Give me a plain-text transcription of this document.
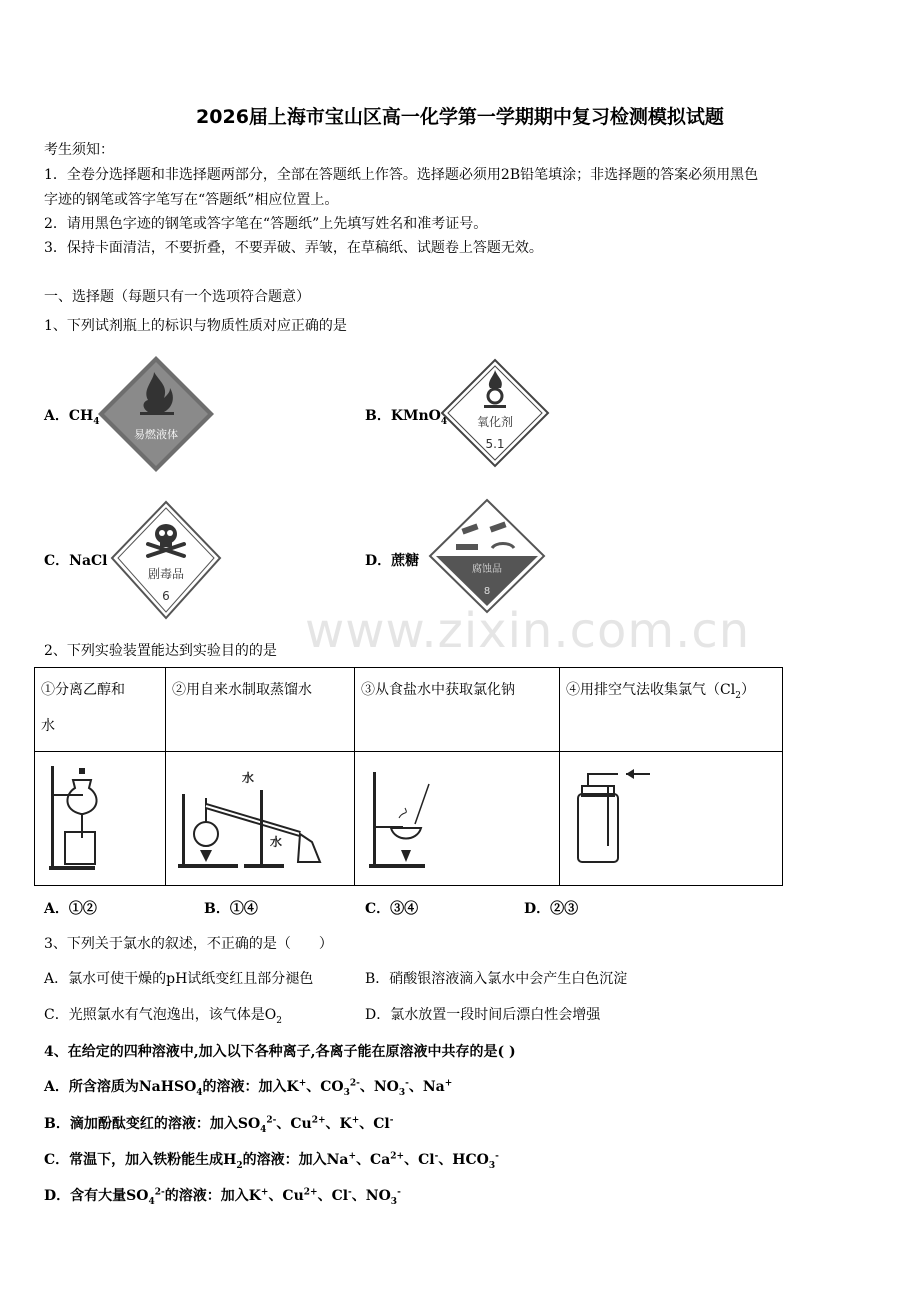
2026届上海市宝山区高一化学第一学期期中复习检测模拟试题
考生须知：
1．全卷分选择题和非选择题两部分，全部在答题纸上作答。选择题必须用2B铅笔填涂；非选择题的答案必须用黑色
字迹的钢笔或答字笔写在“答题纸”相应位置上。
2．请用黑色字迹的钢笔或答字笔在“答题纸”上先填写姓名和准考证号。
3．保持卡面清洁，不要折叠，不要弄破、弄皱，在草稿纸、试题卷上答题无效。
一、选择题（每题只有一个选项符合题意）
1、下列试剂瓶上的标识与物质性质对应正确的是
A．$CH_4$	B．KMnO$_4$
C．NaCl	D．蔗糖
易燃液体
氧化剂
5.1
剧毒品
6
腐蚀品
8
www.zixin.com.cn
2、下列实验装置能达到实验目的的是
①分离乙醇和
水	②用自来水制取蒸馏水	③从食盐水中获取氯化钠	④用排空气法收集氯气$(Cl_2)$

水
水

A．①②	B．①④	C．③④	D．②③
3、下列关于氯水的叙述，不正确的是（　　）
A．氯水可使干燥的pH试纸变红且部分褪色	B．硝酸银溶液滴入氯水中会产生白色沉淀
C．光照氯水有气泡逸出，该气体是$O_2$	D．氯水放置一段时间后漂白性会增强
4、在给定的四种溶液中,加入以下各种离子,各离子能在原溶液中共存的是( )
A．所含溶质为NaHSO$_4$的溶液：加入K+、$CO_3^{2-}$、$NO_3^-$、Na+
B．滴加酚酞变红的溶液：加入$SO_4^{2-}$、$Cu^{2+}$、K+、Cl-
C．常温下，加入铁粉能生成$H_2$的溶液：加入Na+、$Ca^{2+}$、Cl-、$HCO_3^-$
D．含有大量$SO_4^{2-}$的溶液：加入K+、$Cu^{2+}$、Cl-、$NO_3^-$
